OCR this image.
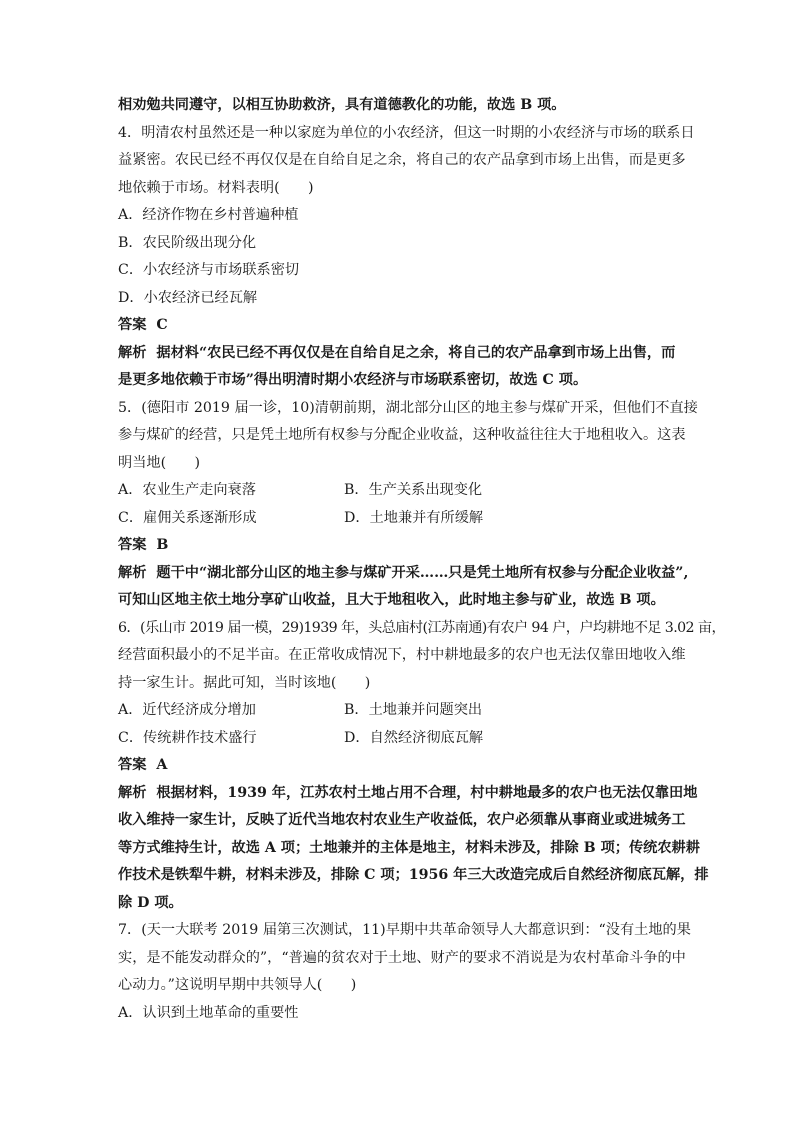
相劝勉共同遵守，以相互协助救济，具有道德教化的功能，故选 B 项。

4．明清农村虽然还是一种以家庭为单位的小农经济，但这一时期的小农经济与市场的联系日

益紧密。农民已经不再仅仅是在自给自足之余，将自己的农产品拿到市场上出售，而是更多

地依赖于市场。材料表明(　　)

A．经济作物在乡村普遍种植

B．农民阶级出现分化

C．小农经济与市场联系密切

D．小农经济已经瓦解

答案 C

解析 据材料“农民已经不再仅仅是在自给自足之余，将自己的农产品拿到市场上出售，而

是更多地依赖于市场”得出明清时期小农经济与市场联系密切，故选 C 项。

5．(德阳市 2019 届一诊，10)清朝前期，湖北部分山区的地主参与煤矿开采，但他们不直接

参与煤矿的经营，只是凭土地所有权参与分配企业收益，这种收益往往大于地租收入。这表

明当地(　　)

A．农业生产走向衰落	B．生产关系出现变化
C．雇佣关系逐渐形成	D．土地兼并有所缓解

答案 B

解析 题干中“湖北部分山区的地主参与煤矿开采……只是凭土地所有权参与分配企业收益”,

可知山区地主依土地分享矿山收益，且大于地租收入，此时地主参与矿业，故选 B 项。

6．(乐山市 2019 届一模，29)1939 年，头总庙村(江苏南通)有农户 94 户，户均耕地不足 3.02 亩，

经营面积最小的不足半亩。在正常收成情况下，村中耕地最多的农户也无法仅靠田地收入维

持一家生计。据此可知，当时该地(　　)

A．近代经济成分增加	B．土地兼并问题突出
C．传统耕作技术盛行	D．自然经济彻底瓦解

答案 A

解析 根据材料，1939 年，江苏农村土地占用不合理，村中耕地最多的农户也无法仅靠田地

收入维持一家生计，反映了近代当地农村农业生产收益低，农户必须靠从事商业或进城务工

等方式维持生计，故选 A 项；土地兼并的主体是地主，材料未涉及，排除 B 项；传统农耕耕

作技术是铁犁牛耕，材料未涉及，排除 C 项；1956 年三大改造完成后自然经济彻底瓦解，排

除 D 项。

7．(天一大联考 2019 届第三次测试，11)早期中共革命领导人大都意识到：“没有土地的果

实，是不能发动群众的”，“普遍的贫农对于土地、财产的要求不消说是为农村革命斗争的中

心动力。”这说明早期中共领导人(　　)

A．认识到土地革命的重要性
